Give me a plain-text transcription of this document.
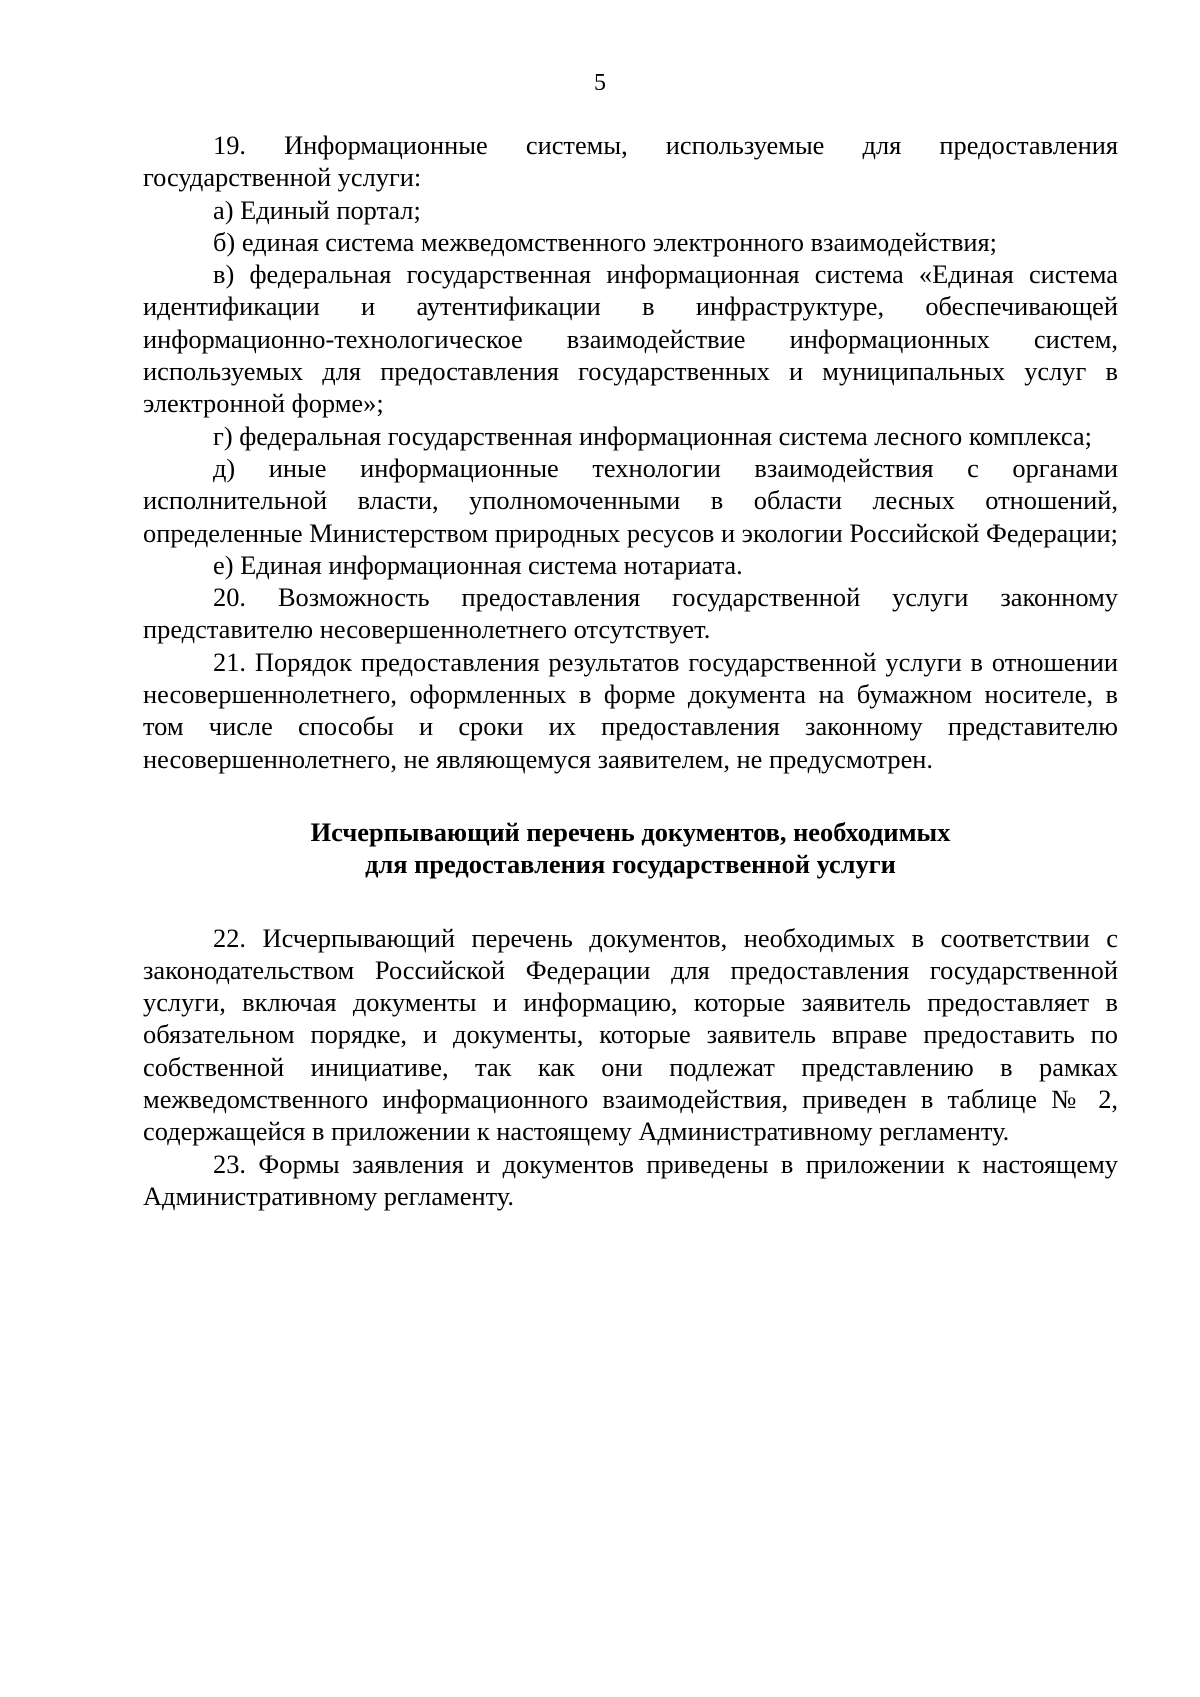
5

19. Информационные системы, используемые для предоставления государственной услуги:

а) Единый портал;

б) единая система межведомственного электронного взаимодействия;

в) федеральная государственная информационная система «Единая система идентификации и аутентификации в инфраструктуре, обеспечивающей информационно-технологическое взаимодействие информационных систем, используемых для предоставления государственных и муниципальных услуг в электронной форме»;

г) федеральная государственная информационная система лесного комплекса;

д) иные информационные технологии взаимодействия с органами исполнительной власти, уполномоченными в области лесных отношений, определенные Министерством природных ресусов и экологии Российской Федерации;

е) Единая информационная система нотариата.

20. Возможность предоставления государственной услуги законному представителю несовершеннолетнего отсутствует.

21. Порядок предоставления результатов государственной услуги в отношении несовершеннолетнего, оформленных в форме документа на бумажном носителе, в том числе способы и сроки их предоставления законному представителю несовершеннолетнего, не являющемуся заявителем, не предусмотрен.

Исчерпывающий перечень документов, необходимых
для предоставления государственной услуги

22. Исчерпывающий перечень документов, необходимых в соответствии с законодательством Российской Федерации для предоставления государственной услуги, включая документы и информацию, которые заявитель предоставляет в обязательном порядке, и документы, которые заявитель вправе предоставить по собственной инициативе, так как они подлежат представлению в рамках межведомственного информационного взаимодействия, приведен в таблице № 2, содержащейся в приложении к настоящему Административному регламенту.

23. Формы заявления и документов приведены в приложении к настоящему Административному регламенту.
